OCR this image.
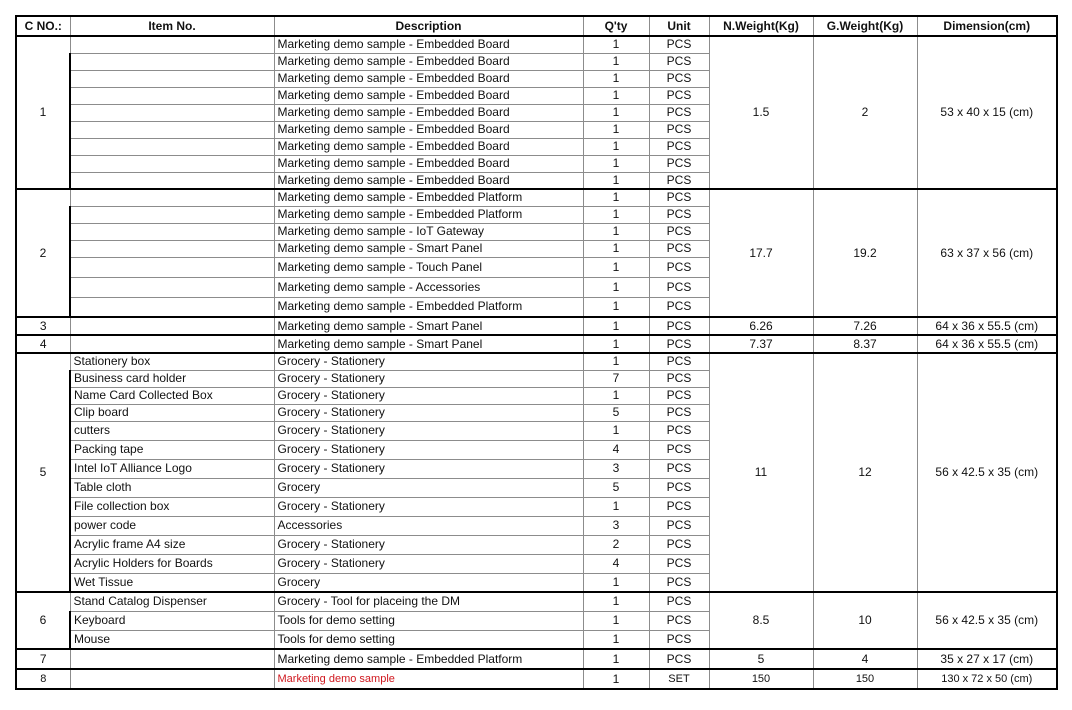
C NO.:	Item No.	Description	Q'ty	Unit	N.Weight(Kg)	G.Weight(Kg)	Dimension(cm)
1		Marketing demo sample - Embedded Board	1	PCS	1.5	2	53 x 40 x 15 (cm)
		Marketing demo sample - Embedded Board	1	PCS			
		Marketing demo sample - Embedded Board	1	PCS			
		Marketing demo sample - Embedded Board	1	PCS			
		Marketing demo sample - Embedded Board	1	PCS			
		Marketing demo sample - Embedded Board	1	PCS			
		Marketing demo sample - Embedded Board	1	PCS			
		Marketing demo sample - Embedded Board	1	PCS			
		Marketing demo sample - Embedded Board	1	PCS			
2		Marketing demo sample - Embedded Platform	1	PCS	17.7	19.2	63 x 37 x 56 (cm)
		Marketing demo sample - Embedded Platform	1	PCS			
		Marketing demo sample - IoT Gateway	1	PCS			
		Marketing demo sample - Smart Panel	1	PCS			
		Marketing demo sample - Touch Panel	1	PCS			
		Marketing demo sample - Accessories	1	PCS			
		Marketing demo sample - Embedded Platform	1	PCS			
3		Marketing demo sample - Smart Panel	1	PCS	6.26	7.26	64 x 36 x 55.5 (cm)
4		Marketing demo sample - Smart Panel	1	PCS	7.37	8.37	64 x 36 x 55.5 (cm)
5	Stationery box	Grocery - Stationery	1	PCS	11	12	56 x 42.5 x 35 (cm)
	Business card holder	Grocery - Stationery	7	PCS			
	Name Card Collected Box	Grocery - Stationery	1	PCS			
	Clip board	Grocery - Stationery	5	PCS			
	cutters	Grocery - Stationery	1	PCS			
	Packing tape	Grocery - Stationery	4	PCS			
	Intel IoT Alliance Logo	Grocery - Stationery	3	PCS			
	Table cloth	Grocery	5	PCS			
	File collection box	Grocery - Stationery	1	PCS			
	power code	Accessories	3	PCS			
	Acrylic frame A4 size	Grocery - Stationery	2	PCS			
	Acrylic Holders for Boards	Grocery - Stationery	4	PCS			
	Wet Tissue	Grocery	1	PCS			
6	Stand Catalog Dispenser	Grocery - Tool for placeing the DM	1	PCS	8.5	10	56 x 42.5 x 35 (cm)
	Keyboard	Tools for demo setting	1	PCS			
	Mouse	Tools for demo setting	1	PCS			
7		Marketing demo sample - Embedded Platform	1	PCS	5	4	35 x 27 x 17 (cm)
8		Marketing demo sample	1	SET	150	150	130 x 72 x 50 (cm)
